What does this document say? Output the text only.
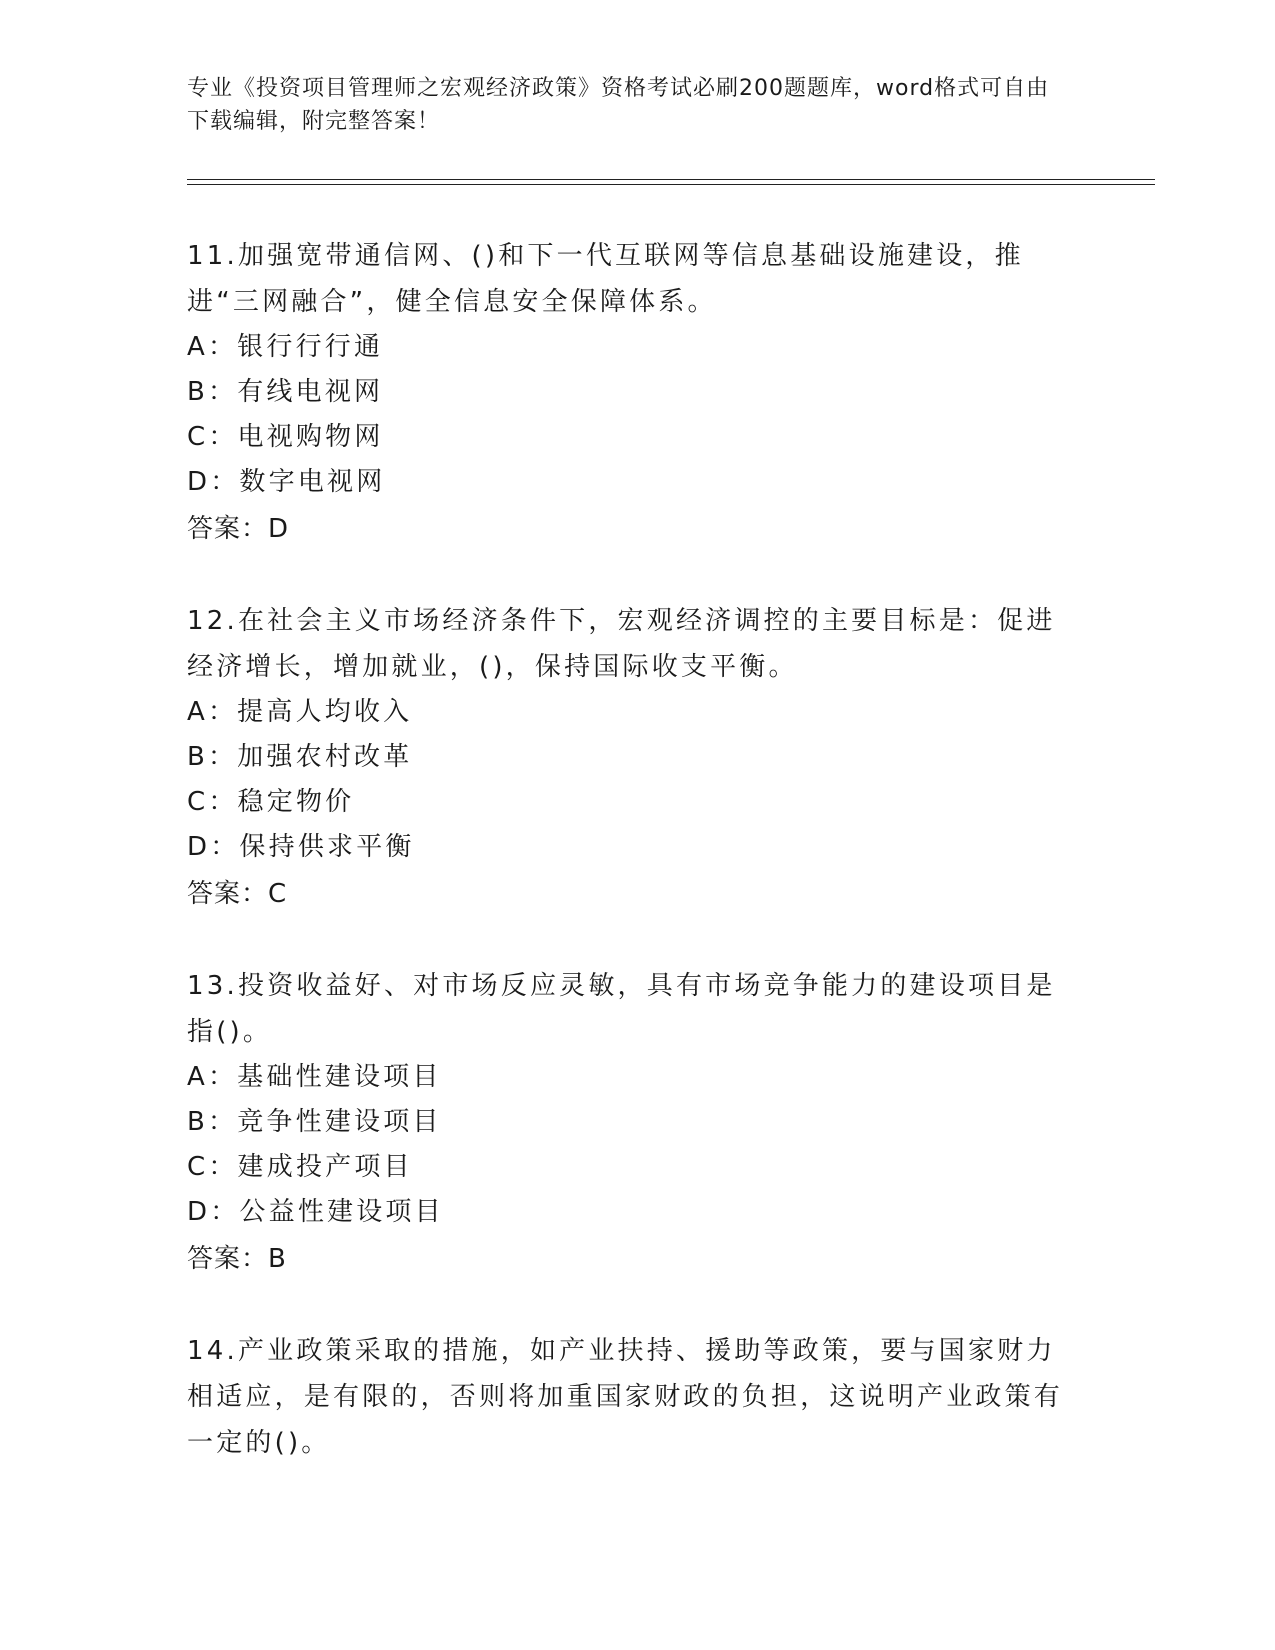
专业《投资项目管理师之宏观经济政策》资格考试必刷200题题库，word格式可自由下载编辑，附完整答案！

11.加强宽带通信网、()和下一代互联网等信息基础设施建设，推进“三网融合”，健全信息安全保障体系。

A：银行行行通

B：有线电视网

C：电视购物网

D：数字电视网

答案：D

12.在社会主义市场经济条件下，宏观经济调控的主要目标是：促进经济增长，增加就业，()，保持国际收支平衡。

A：提高人均收入

B：加强农村改革

C：稳定物价

D：保持供求平衡

答案：C

13.投资收益好、对市场反应灵敏，具有市场竞争能力的建设项目是指()。

A：基础性建设项目

B：竞争性建设项目

C：建成投产项目

D：公益性建设项目

答案：B

14.产业政策采取的措施，如产业扶持、援助等政策，要与国家财力相适应，是有限的，否则将加重国家财政的负担，这说明产业政策有一定的()。
